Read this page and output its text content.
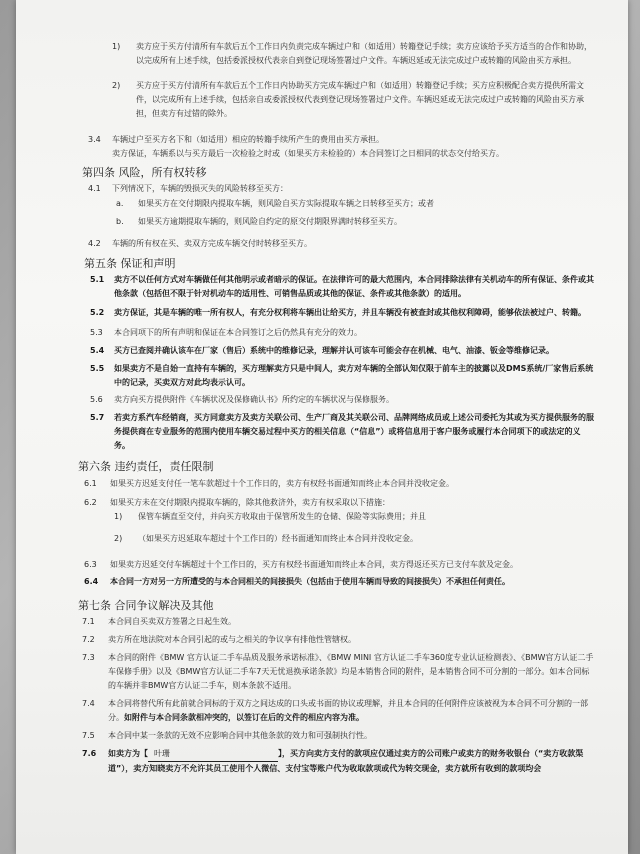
1) 卖方应于买方付清所有车款后五个工作日内负责完成车辆过户和（如适用）转籍登记手续；卖方应该给予买方适当的合作和协助，以完成所有上述手续，包括委派授权代表亲自到登记现场签署过户文件。车辆迟延或无法完成过户或转籍的风险由买方承担。
2) 买方应于买方付清所有车款后五个工作日内协助买方完成车辆过户和（如适用）转籍登记手续；买方应积极配合卖方提供所需文件，以完成所有上述手续，包括亲自或委派授权代表到登记现场签署过户文件。车辆迟延或无法完成过户或转籍的风险由买方承担，但卖方有过错的除外。
3.4 车辆过户至买方名下和（如适用）相应的转籍手续所产生的费用由买方承担。
卖方保证，车辆系以与买方最后一次检验之时或（如果买方未检验的）本合同签订之日相同的状态交付给买方。
第四条 风险，所有权转移
4.1 下列情况下，车辆的毁损灭失的风险转移至买方：
a. 如果买方在交付期限内提取车辆，则风险自买方实际提取车辆之日转移至买方；或者
b. 如果买方逾期提取车辆的，则风险自约定的原交付期限界满时转移至买方。
4.2 车辆的所有权在买、卖双方完成车辆交付时转移至买方。
第五条 保证和声明
5.1 卖方不以任何方式对车辆做任何其他明示或者暗示的保证。在法律许可的最大范围内，本合同排除法律有关机动车的所有保证、条件或其他条款（包括但不限于针对机动车的适用性、可销售品质或其他的保证、条件或其他条款）的适用。
5.2 卖方保证，其是车辆的唯一所有权人，有充分权利将车辆出让给买方，并且车辆没有被查封或其他权利障碍，能够依法被过户、转籍。
5.3 本合同项下的所有声明和保证在本合同签订之后仍然具有充分的效力。
5.4 买方已查阅并确认该车在厂家（售后）系统中的维修记录，理解并认可该车可能会存在机械、电气、油漆、钣金等维修记录。
5.5 如果卖方不是自始一直持有车辆的，买方理解卖方只是中间人，卖方对车辆的全部认知仅限于前车主的披露以及DMS系统/厂家售后系统中的记录，买卖双方对此均表示认可。
5.6 卖方向买方提供附件《车辆状况及保修确认书》所约定的车辆状况与保修服务。
5.7 若卖方系汽车经销商，买方同意卖方及卖方关联公司、生产厂商及其关联公司、品牌网络成员或上述公司委托为其或为买方提供服务的服务提供商在专业服务的范围内使用车辆交易过程中买方的相关信息（“信息”）或将信息用于客户服务或履行本合同项下的或法定的义务。
第六条 违约责任，责任限制
6.1 如果买方迟延支付任一笔车款超过十个工作日的，卖方有权经书面通知而终止本合同并没收定金。
6.2 如果买方未在交付期限内提取车辆的，除其他救济外，卖方有权采取以下措施：
1) 保管车辆直至交付，并向买方收取由于保管所发生的仓储、保险等实际费用；并且
2) （如果买方迟延取车超过十个工作日的）经书面通知而终止本合同并没收定金。
6.3 如果卖方迟延交付车辆超过十个工作日的，买方有权经书面通知而终止本合同，卖方得返还买方已支付车款及定金。
6.4 本合同一方对另一方所遭受的与本合同相关的间接损失（包括由于使用车辆而导致的间接损失）不承担任何责任。
第七条 合同争议解决及其他
7.1 本合同自买卖双方签署之日起生效。
7.2 卖方所在地法院对本合同引起的或与之相关的争议享有排他性管辖权。
7.3 本合同的附件《BMW 官方认证二手车品质及服务承诺标准》、《BMW MINI 官方认证二手车360度专业认证检测表》、《BMW官方认证二手车保修手册》以及《BMW官方认证二手车7天无忧退换承诺条款》均是本销售合同的附件，是本销售合同不可分割的一部分。如本合同标的车辆并非BMW官方认证二手车，则本条款不适用。
7.4 本合同将替代所有此前就合同标的于双方之间达成的口头或书面的协议或理解，并且本合同的任何附件应该被视为本合同不可分割的一部分。如附件与本合同条款相冲突的，以签订在后的文件的相应内容为准。
7.5 本合同中某一条款的无效不应影响合同中其他条款的效力和可强制执行性。
7.6 如卖方为【 叶珊	】，买方向卖方支付的款项应仅通过卖方的公司账户或卖方的财务收银台（“卖方收款渠道”），卖方知晓卖方不允许其员工使用个人微信、支付宝等账户代为收取款项或代为转交现金，卖方就所有收到的款项均会
